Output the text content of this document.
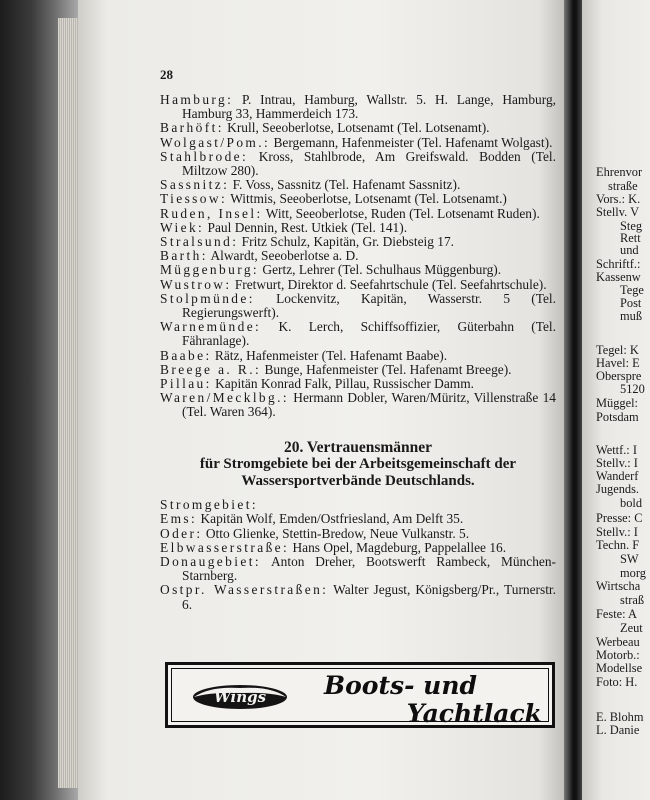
28

Hamburg: P. Intrau, Hamburg, Wallstr. 5. H. Lange, Hamburg, Hamburg 33, Hammerdeich 173.

Barhöft: Krull, Seeoberlotse, Lotsenamt (Tel. Lotsenamt).

Wolgast/Pom.: Bergemann, Hafenmeister (Tel. Hafenamt Wolgast).

Stahlbrode: Kross, Stahlbrode, Am Greifswald. Bodden (Tel. Miltzow 280).

Sassnitz: F. Voss, Sassnitz (Tel. Hafenamt Sassnitz).

Tiessow: Wittmis, Seeoberlotse, Lotsenamt (Tel. Lotsenamt.)

Ruden, Insel: Witt, Seeoberlotse, Ruden (Tel. Lotsenamt Ruden).

Wiek: Paul Dennin, Rest. Utkiek (Tel. 141).

Stralsund: Fritz Schulz, Kapitän, Gr. Diebsteig 17.

Barth: Alwardt, Seeoberlotse a. D.

Müggenburg: Gertz, Lehrer (Tel. Schulhaus Müggenburg).

Wustrow: Fretwurt, Direktor d. Seefahrtschule (Tel. Seefahrtschule).

Stolpmünde: Lockenvitz, Kapitän, Wasserstr. 5 (Tel. Regierungswerft).

Warnemünde: K. Lerch, Schiffsoffizier, Güterbahn (Tel. Fähranlage).

Baabe: Rätz, Hafenmeister (Tel. Hafenamt Baabe).

Breege a. R.: Bunge, Hafenmeister (Tel. Hafenamt Breege).

Pillau: Kapitän Konrad Falk, Pillau, Russischer Damm.

Waren/Mecklbg.: Hermann Dobler, Waren/Müritz, Villenstraße 14 (Tel. Waren 364).

20. Vertrauensmänner
für Stromgebiete bei der Arbeitsgemeinschaft der Wassersportverbände Deutschlands.
Stromgebiet:

Ems: Kapitän Wolf, Emden/Ostfriesland, Am Delft 35.

Oder: Otto Glienke, Stettin-Bredow, Neue Vulkanstr. 5.

Elbwasserstraße: Hans Opel, Magdeburg, Pappelallee 16.

Donaugebiet: Anton Dreher, Bootswerft Rambeck, München-Starnberg.

Ostpr. Wasserstraßen: Walter Jegust, Königsberg/Pr., Turnerstr. 6.

Wings	Boots- und
Yachtlack
Ehrenvor
straße
Vors.: K.
Stellv. V
Steg
Rett
und
Schriftf.:
Kassenw
Tege
Post
muß
Tegel: K
Havel: E
Oberspre
5120
Müggel:
Potsdam
Wettf.: I
Stellv.: I
Wanderf
Jugends.
bold
Presse: C
Stellv.: I
Techn. F
SW
morg
Wirtscha
straß
Feste: A
Zeut
Werbeau
Motorb.:
Modellse
Foto: H.
E. Blohm
L. Danie
